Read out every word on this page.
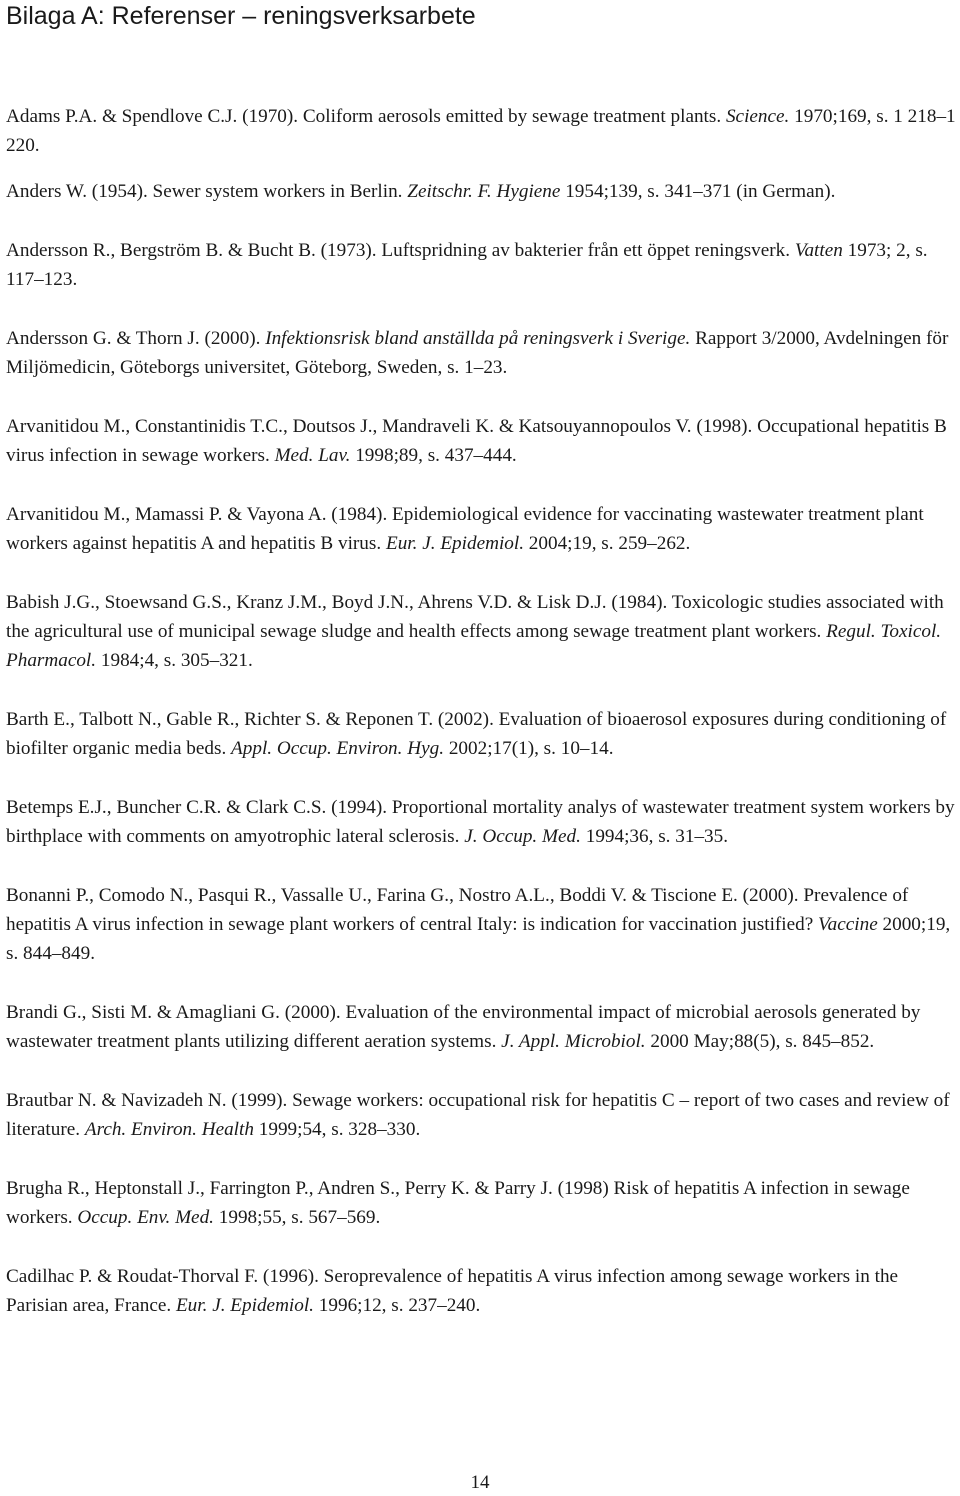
Bilaga A: Referenser – reningsverksarbete

Adams P.A. & Spendlove C.J. (1970). Coliform aerosols emitted by sewage treatment plants. Science. 1970;169, s. 1 218–1 220.

Anders W. (1954). Sewer system workers in Berlin. Zeitschr. F. Hygiene 1954;139, s. 341–371 (in German).

Andersson R., Bergström B. & Bucht B. (1973). Luftspridning av bakterier från ett öppet reningsverk. Vatten 1973; 2, s. 117–123.

Andersson G. & Thorn J. (2000). Infektionsrisk bland anställda på reningsverk i Sverige. Rapport 3/2000, Avdelningen för Miljömedicin, Göteborgs universitet, Göteborg, Sweden, s. 1–23.

Arvanitidou M., Constantinidis T.C., Doutsos J., Mandraveli K. & Katsouyannopoulos V. (1998). Occupational hepatitis B virus infection in sewage workers. Med. Lav. 1998;89, s. 437–444.

Arvanitidou M., Mamassi P. & Vayona A. (1984). Epidemiological evidence for vaccinating wastewater treatment plant workers against hepatitis A and hepatitis B virus. Eur. J. Epidemiol. 2004;19, s. 259–262.

Babish J.G., Stoewsand G.S., Kranz J.M., Boyd J.N., Ahrens V.D. & Lisk D.J. (1984). Toxicologic studies associated with the agricultural use of municipal sewage sludge and health effects among sewage treatment plant workers. Regul. Toxicol. Pharmacol. 1984;4, s. 305–321.

Barth E., Talbott N., Gable R., Richter S. & Reponen T. (2002). Evaluation of bioaerosol exposures during conditioning of biofilter organic media beds. Appl. Occup. Environ. Hyg. 2002;17(1), s. 10–14.

Betemps E.J., Buncher C.R. & Clark C.S. (1994). Proportional mortality analys of wastewater treatment system workers by birthplace with comments on amyotrophic lateral sclerosis. J. Occup. Med. 1994;36, s. 31–35.

Bonanni P., Comodo N., Pasqui R., Vassalle U., Farina G., Nostro A.L., Boddi V. & Tiscione E. (2000). Prevalence of hepatitis A virus infection in sewage plant workers of central Italy: is indication for vaccination justified? Vaccine 2000;19, s. 844–849.

Brandi G., Sisti M. & Amagliani G. (2000). Evaluation of the environmental impact of microbial aerosols generated by wastewater treatment plants utilizing different aeration systems. J. Appl. Microbiol. 2000 May;88(5), s. 845–852.

Brautbar N. & Navizadeh N. (1999). Sewage workers: occupational risk for hepatitis C – report of two cases and review of literature. Arch. Environ. Health 1999;54, s. 328–330.

Brugha R., Heptonstall J., Farrington P., Andren S., Perry K. & Parry J. (1998) Risk of hepatitis A infection in sewage workers. Occup. Env. Med. 1998;55, s. 567–569.

Cadilhac P. & Roudat-Thorval F. (1996). Seroprevalence of hepatitis A virus infection among sewage workers in the Parisian area, France. Eur. J. Epidemiol. 1996;12, s. 237–240.

14
